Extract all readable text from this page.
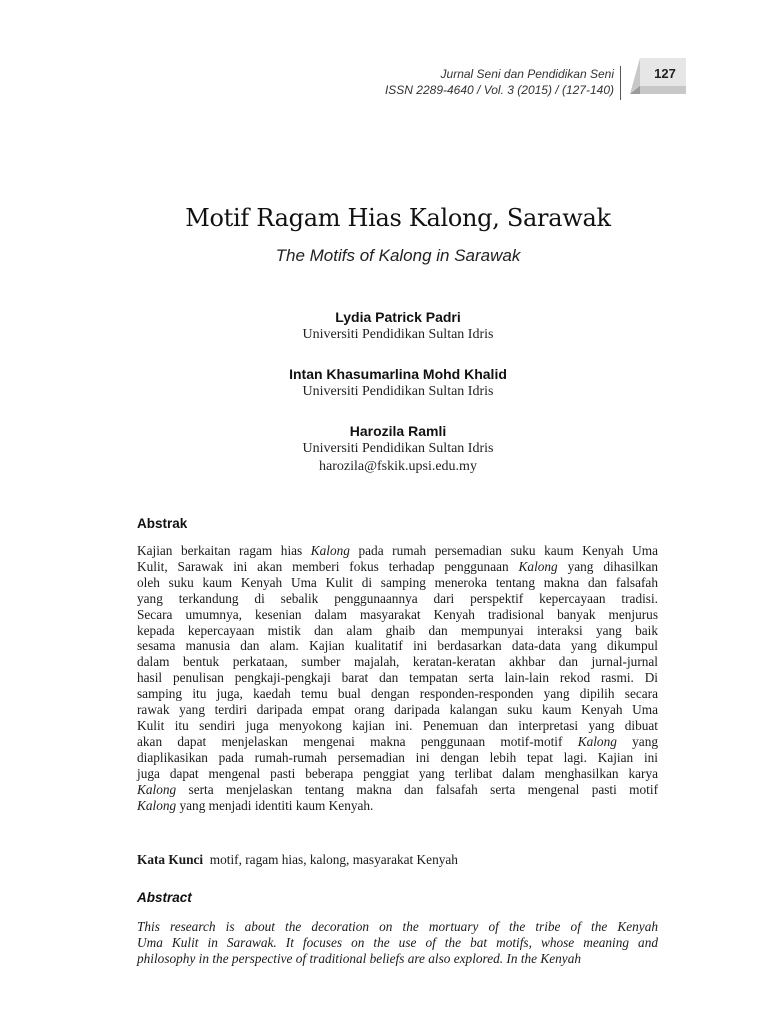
Jurnal Seni dan Pendidikan Seni
ISSN 2289-4640 / Vol. 3 (2015) / (127-140)
127
Motif Ragam Hias Kalong, Sarawak
The Motifs of Kalong in Sarawak
Lydia Patrick Padri
Universiti Pendidikan Sultan Idris
Intan Khasumarlina Mohd Khalid
Universiti Pendidikan Sultan Idris
Harozila Ramli
Universiti Pendidikan Sultan Idris
harozila@fskik.upsi.edu.my
Abstrak
Kajian berkaitan ragam hias Kalong pada rumah persemadian suku kaum Kenyah Uma
Kulit, Sarawak ini akan memberi fokus terhadap penggunaan Kalong yang dihasilkan
oleh suku kaum Kenyah Uma Kulit di samping meneroka tentang makna dan falsafah
yang terkandung di sebalik penggunaannya dari perspektif kepercayaan tradisi.
Secara umumnya, kesenian dalam masyarakat Kenyah tradisional banyak menjurus
kepada kepercayaan mistik dan alam ghaib dan mempunyai interaksi yang baik
sesama manusia dan alam. Kajian kualitatif ini berdasarkan data-data yang dikumpul
dalam bentuk perkataan, sumber majalah, keratan-keratan akhbar dan jurnal-jurnal
hasil penulisan pengkaji-pengkaji barat dan tempatan serta lain-lain rekod rasmi. Di
samping itu juga, kaedah temu bual dengan responden-responden yang dipilih secara
rawak yang terdiri daripada empat orang daripada kalangan suku kaum Kenyah Uma
Kulit itu sendiri juga menyokong kajian ini. Penemuan dan interpretasi yang dibuat
akan dapat menjelaskan mengenai makna penggunaan motif-motif Kalong yang
diaplikasikan pada rumah-rumah persemadian ini dengan lebih tepat lagi. Kajian ini
juga dapat mengenal pasti beberapa penggiat yang terlibat dalam menghasilkan karya
Kalong serta menjelaskan tentang makna dan falsafah serta mengenal pasti motif
Kalong yang menjadi identiti kaum Kenyah.
Kata Kunci motif, ragam hias, kalong, masyarakat Kenyah
Abstract
This research is about the decoration on the mortuary of the tribe of the Kenyah
Uma Kulit in Sarawak. It focuses on the use of the bat motifs, whose meaning and
philosophy in the perspective of traditional beliefs are also explored. In the Kenyah
